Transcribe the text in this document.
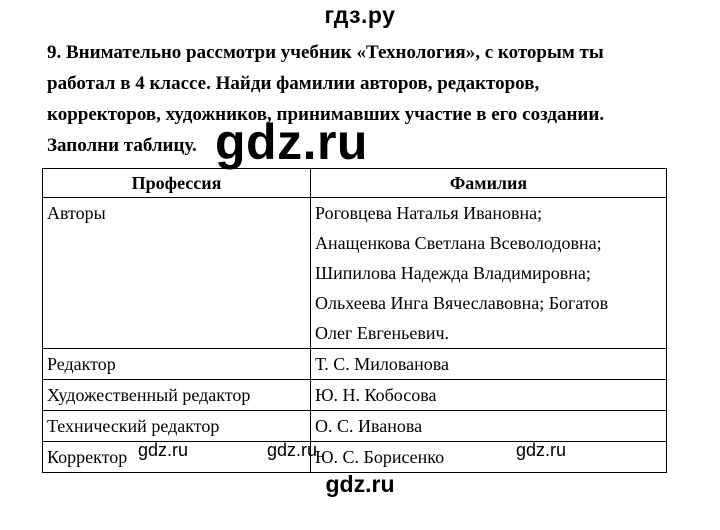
гдз.ру
9. Внимательно рассмотри учебник «Технология», с которым ты
работал в 4 классе. Найди фамилии авторов, редакторов,
корректоров, художников, принимавших участие в его создании.
Заполни таблицу.
Профессия	Фамилия
Авторы	Роговцева Наталья Ивановна;
Анащенкова Светлана Всеволодовна;
Шипилова Надежда Владимировна;
Ольхеева Инга Вячеславовна; Богатов
Олег Евгеньевич.

Редактор	Т. С. Милованова
Художественный редактор	Ю. Н. Кобосова
Технический редактор	О. С. Иванова
Корректор	Ю. С. Борисенко
gdz.ru
gdz.ru	gdz.ru	gdz.ru
gdz.ru
